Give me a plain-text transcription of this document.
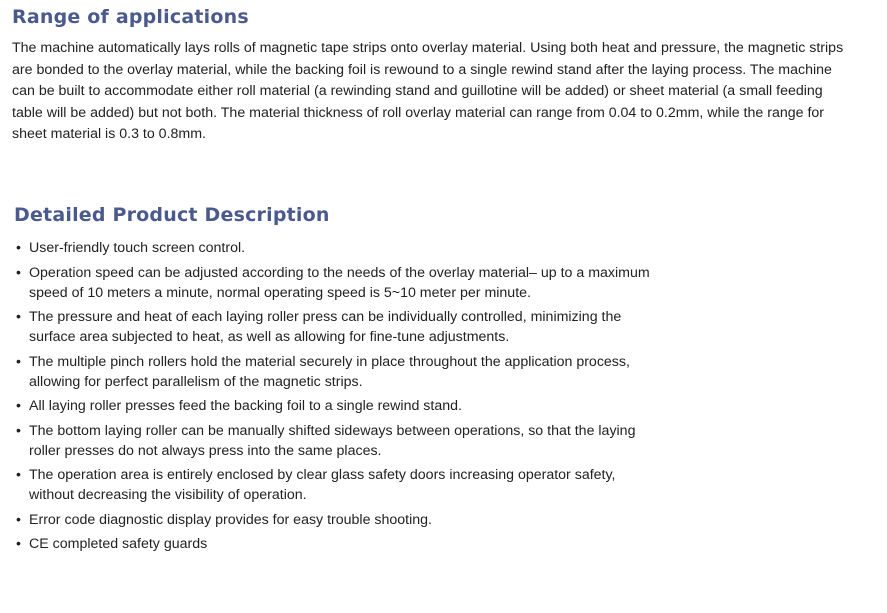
Range of applications

The machine automatically lays rolls of magnetic tape strips onto overlay material. Using both heat and pressure, the magnetic strips are bonded to the overlay material, while the backing foil is rewound to a single rewind stand after the laying process. The machine can be built to accommodate either roll material (a rewinding stand and guillotine will be added) or sheet material (a small feeding table will be added) but not both. The material thickness of roll overlay material can range from 0.04 to 0.2mm, while the range for sheet material is 0.3 to 0.8mm.

Detailed Product Description
• User-friendly touch screen control.
• Operation speed can be adjusted according to the needs of the overlay material– up to a maximum speed of 10 meters a minute, normal operating speed is 5~10 meter per minute.
• The pressure and heat of each laying roller press can be individually controlled, minimizing the surface area subjected to heat, as well as allowing for fine-tune adjustments.
• The multiple pinch rollers hold the material securely in place throughout the application process, allowing for perfect parallelism of the magnetic strips.
• All laying roller presses feed the backing foil to a single rewind stand.
• The bottom laying roller can be manually shifted sideways between operations, so that the laying roller presses do not always press into the same places.
• The operation area is entirely enclosed by clear glass safety doors increasing operator safety, without decreasing the visibility of operation.
• Error code diagnostic display provides for easy trouble shooting.
• CE completed safety guards
